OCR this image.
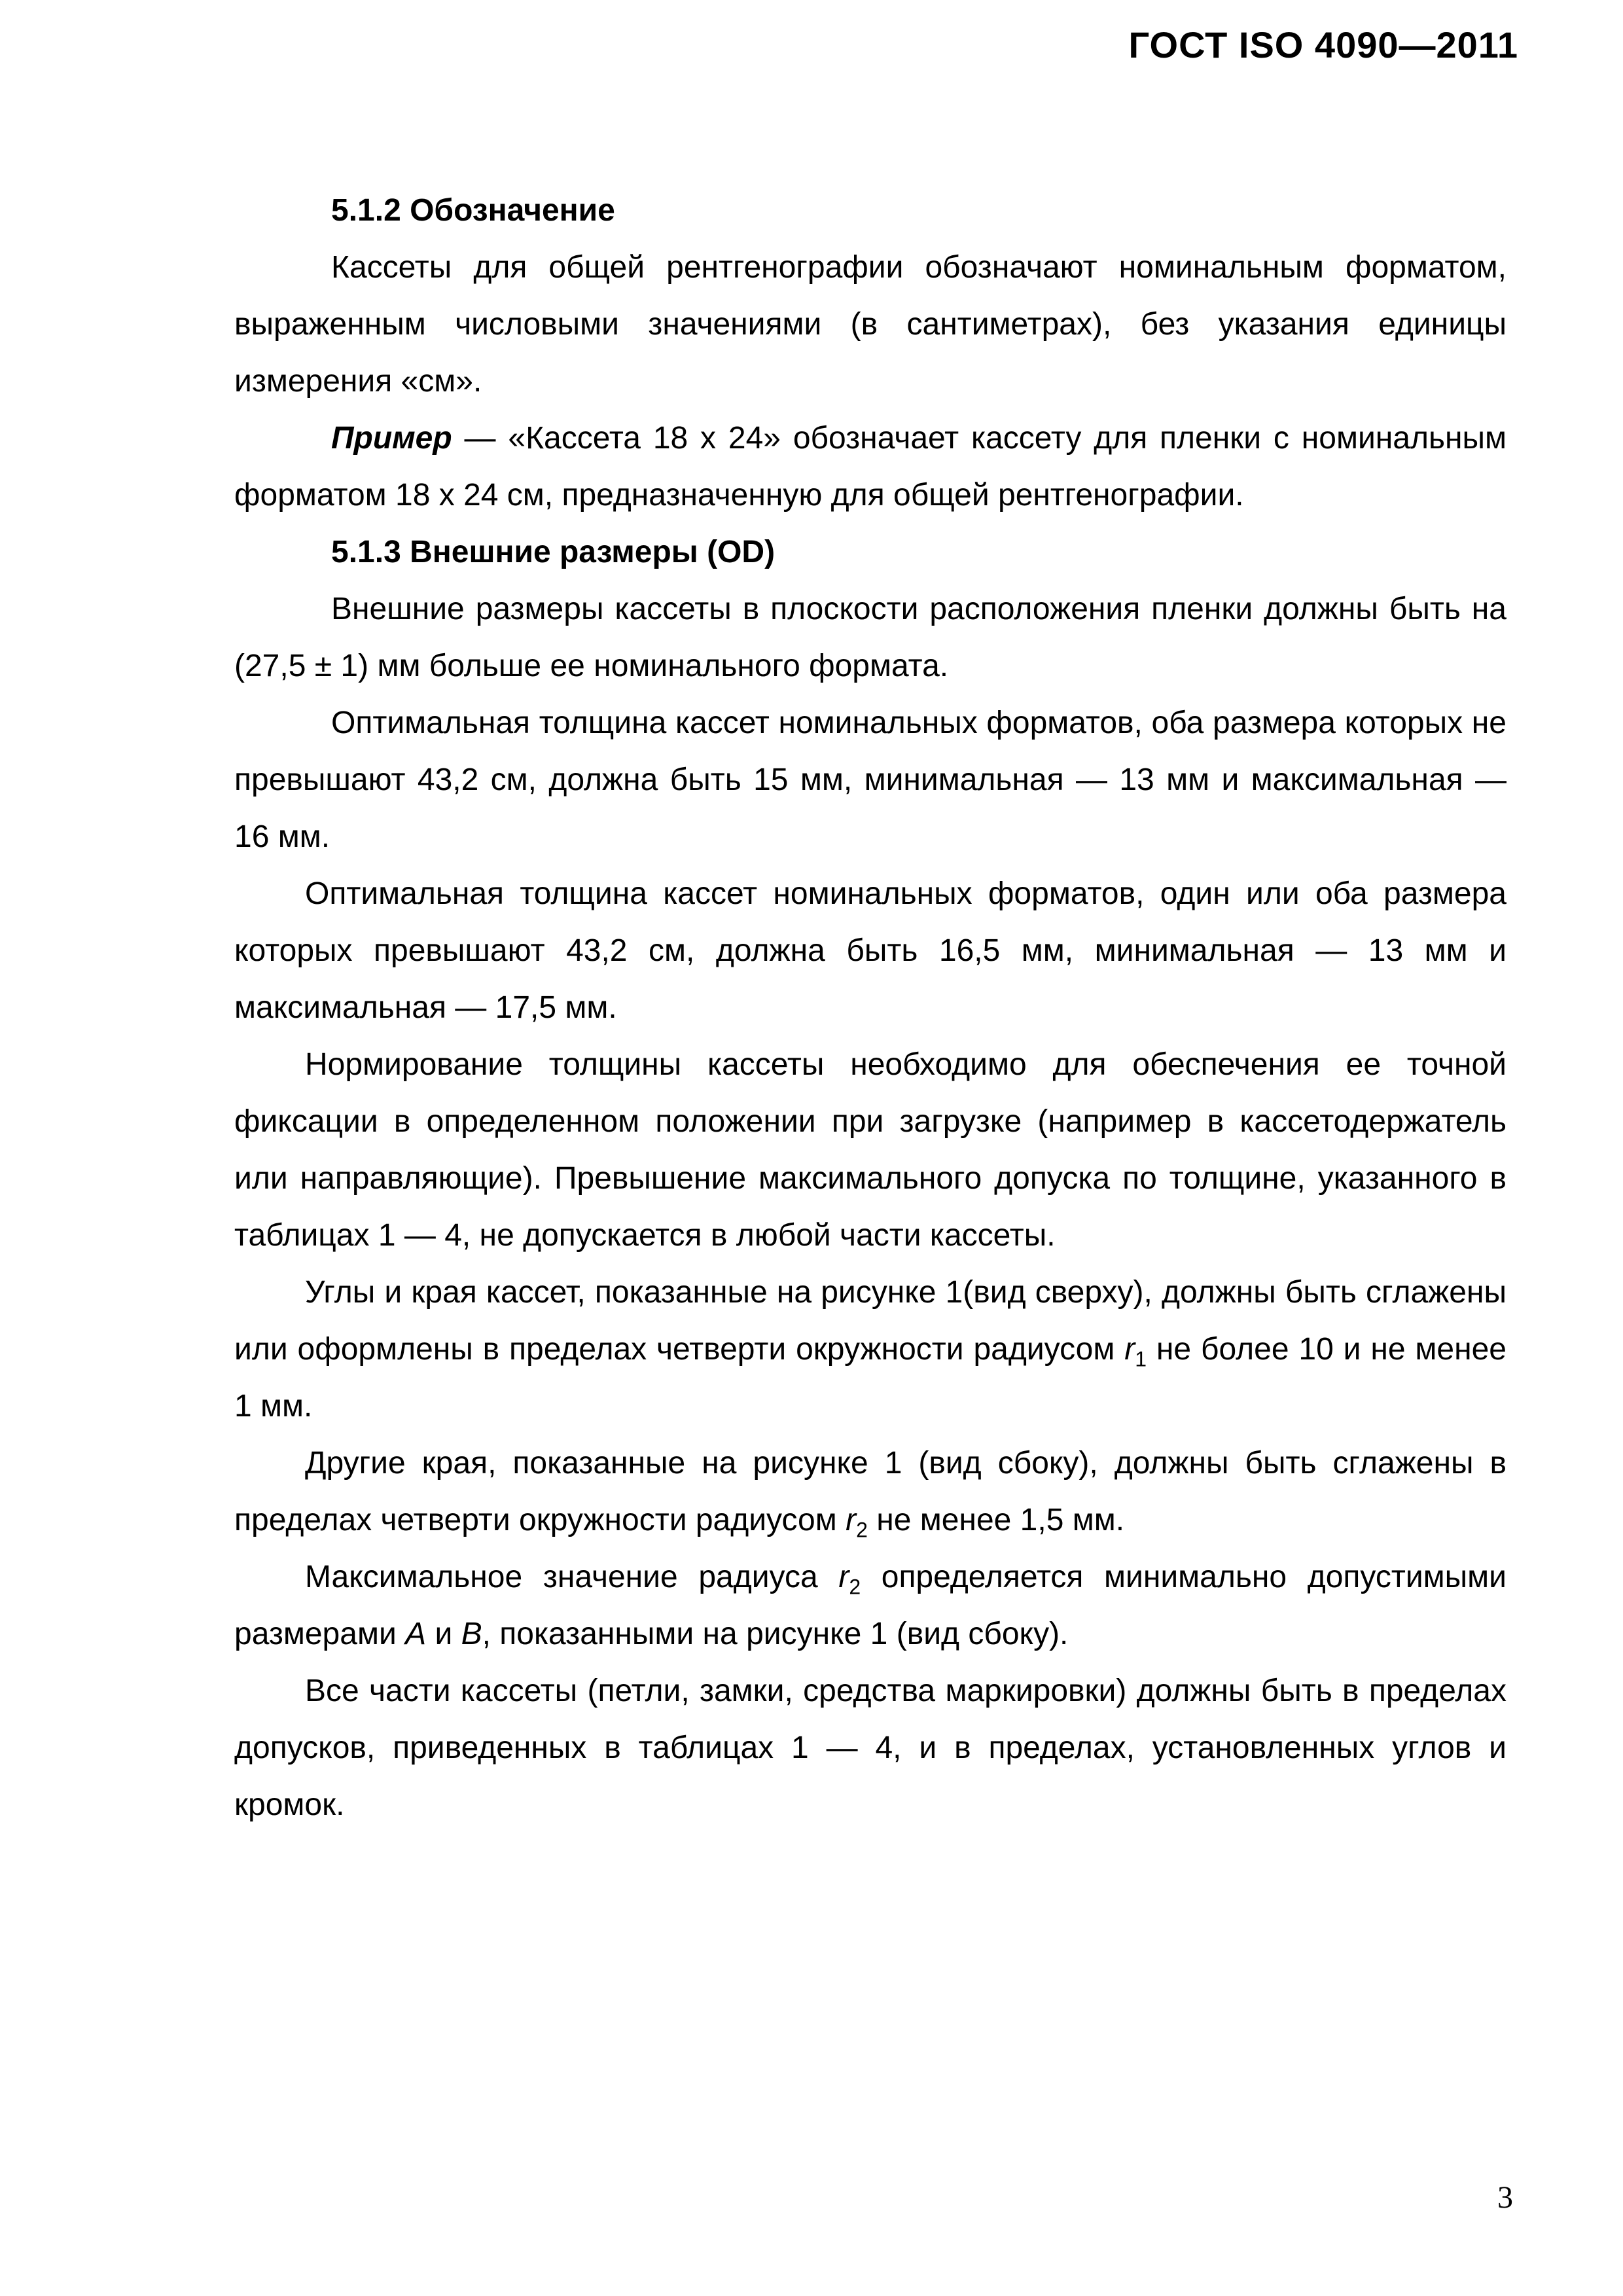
ГОСТ ISO 4090—2011

5.1.2 Обозначение

Кассеты для общей рентгенографии обозначают номинальным форматом, выраженным числовыми значениями (в сантиметрах), без указания единицы измерения «см».

Пример — «Кассета 18 х 24» обозначает кассету для пленки с номинальным форматом 18 х 24 см, предназначенную для общей рентгенографии.

5.1.3 Внешние размеры (OD)

Внешние размеры кассеты в плоскости расположения пленки должны быть на (27,5 ± 1) мм больше ее номинального формата.

Оптимальная толщина кассет номинальных форматов, оба размера которых не превышают 43,2 см, должна быть 15 мм, минимальная — 13 мм и максимальная — 16 мм.

Оптимальная толщина кассет номинальных форматов, один или оба размера которых превышают 43,2 см, должна быть 16,5 мм, минимальная — 13 мм и максимальная — 17,5 мм.

Нормирование толщины кассеты необходимо для обеспечения ее точной фиксации в определенном положении при загрузке (например в кассетодержатель или направляющие). Превышение максимального допуска по толщине, указанного в таблицах 1 — 4, не допускается в любой части кассеты.

Углы и края кассет, показанные на рисунке 1(вид сверху), должны быть сглажены или оформлены в пределах четверти окружности радиусом $r_1$ не более 10 и не менее 1 мм.

Другие края, показанные на рисунке 1 (вид сбоку), должны быть сглажены в пределах четверти окружности радиусом $r_2$ не менее 1,5 мм.

Максимальное значение радиуса $r_2$ определяется минимально допустимыми размерами A и B, показанными на рисунке 1 (вид сбоку).

Все части кассеты (петли, замки, средства маркировки) должны быть в пределах допусков, приведенных в таблицах 1 — 4, и в пределах, установленных углов и кромок.

3
